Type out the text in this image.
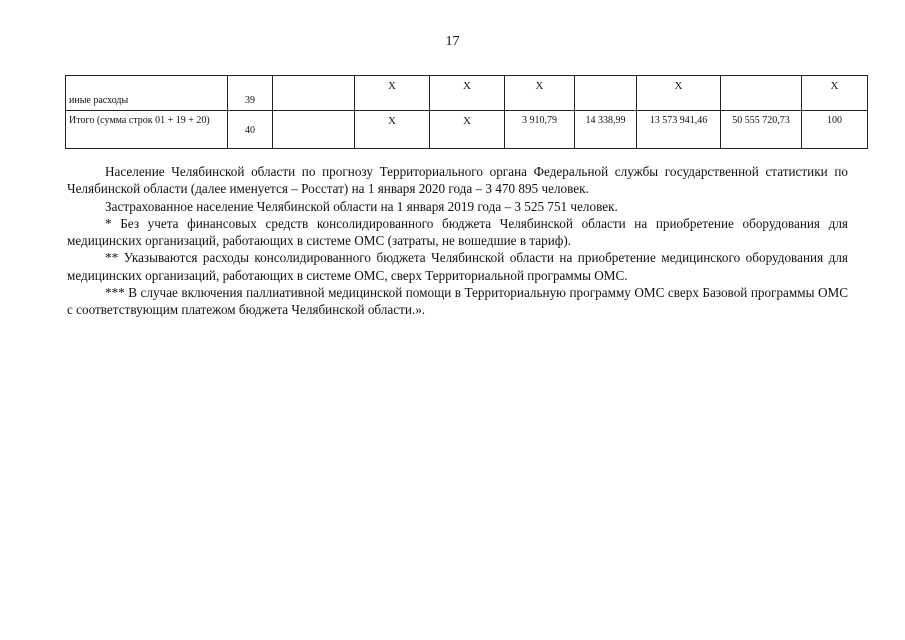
17
иные расходы	39		X	X	X		X		X
Итого (сумма строк 01 + 19 + 20)	40		X	X	3 910,79	14 338,99	13 573 941,46	50 555 720,73	100

Население Челябинской области по прогнозу Территориального органа Федеральной службы государственной статистики по Челябинской области (далее именуется – Росстат) на 1 января 2020 года – 3 470 895 человек.

Застрахованное население Челябинской области на 1 января 2019 года – 3 525 751 человек.

* Без учета финансовых средств консолидированного бюджета Челябинской области на приобретение оборудования для медицинских организаций, работающих в системе ОМС (затраты, не вошедшие в тариф).

** Указываются расходы консолидированного бюджета Челябинской области на приобретение медицинского оборудования для медицинских организаций, работающих в системе ОМС, сверх Территориальной программы ОМС.

*** В случае включения паллиативной медицинской помощи в Территориальную программу ОМС сверх Базовой программы ОМС с соответствующим платежом бюджета Челябинской области.».
